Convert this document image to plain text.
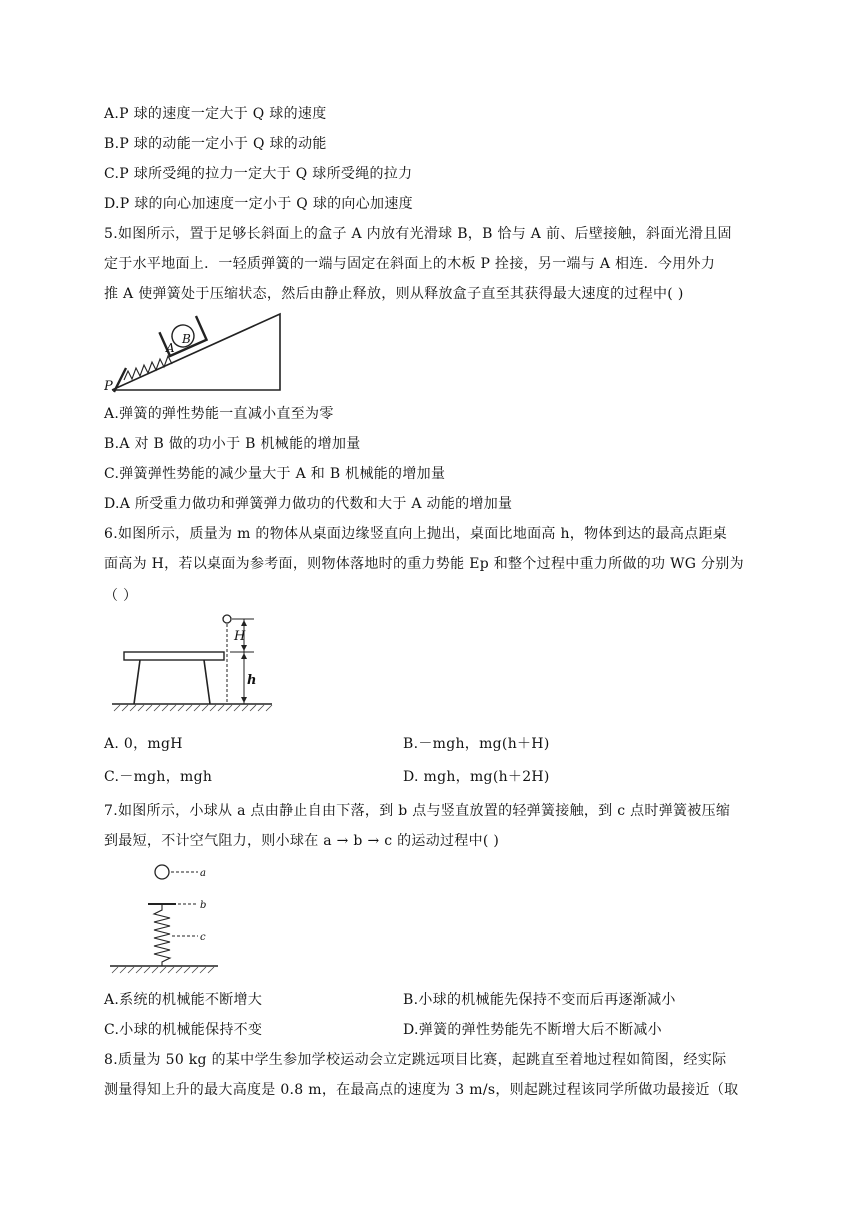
A.P 球的速度一定大于 Q 球的速度
B.P 球的动能一定小于 Q 球的动能
C.P 球所受绳的拉力一定大于 Q 球所受绳的拉力
D.P 球的向心加速度一定小于 Q 球的向心加速度
5.如图所示，置于足够长斜面上的盒子 A 内放有光滑球 B，B 恰与 A 前、后壁接触，斜面光滑且固
定于水平地面上．一轻质弹簧的一端与固定在斜面上的木板 P 拴接，另一端与 A 相连．今用外力
推 A 使弹簧处于压缩状态，然后由静止释放，则从释放盒子直至其获得最大速度的过程中( )
B
A
P
A.弹簧的弹性势能一直减小直至为零
B.A 对 B 做的功小于 B 机械能的增加量
C.弹簧弹性势能的减少量大于 A 和 B 机械能的增加量
D.A 所受重力做功和弹簧弹力做功的代数和大于 A 动能的增加量
6.如图所示，质量为 m 的物体从桌面边缘竖直向上抛出，桌面比地面高 h，物体到达的最高点距桌
面高为 H，若以桌面为参考面，则物体落地时的重力势能 Ep 和整个过程中重力所做的功 WG 分别为
（ ）
H
h
A. 0，mgH	B.－mgh，mg(h＋H)
C.－mgh，mgh	D. mgh，mg(h＋2H)
7.如图所示，小球从 a 点由静止自由下落，到 b 点与竖直放置的轻弹簧接触，到 c 点时弹簧被压缩
到最短，不计空气阻力，则小球在 a → b → c 的运动过程中( )
a
b
c
A.系统的机械能不断增大	B.小球的机械能先保持不变而后再逐渐减小
C.小球的机械能保持不变	D.弹簧的弹性势能先不断增大后不断减小
8.质量为 50 kg 的某中学生参加学校运动会立定跳远项目比赛，起跳直至着地过程如简图，经实际
测量得知上升的最大高度是 0.8 m，在最高点的速度为 3 m/s，则起跳过程该同学所做功最接近（取
